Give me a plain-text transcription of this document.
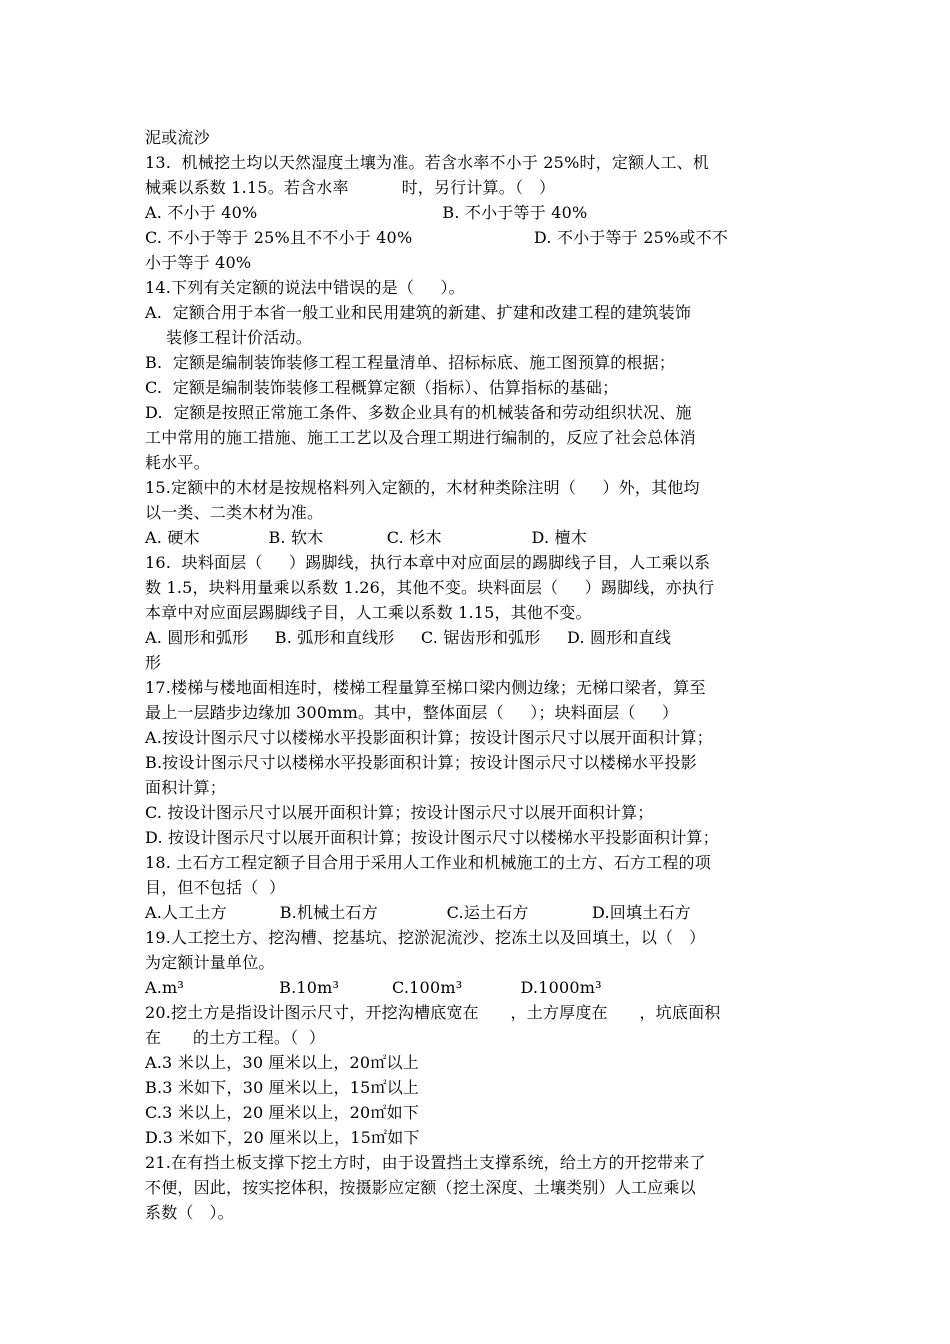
泥或流沙
13.  机械挖土均以天然湿度土壤为准。若含水率不小于 25%时，定额人工、机
械乘以系数 1.15。若含水率          时，另行计算。（   ）
A. 不小于 40%                                   B. 不小于等于 40%
C. 不小于等于 25%且不不小于 40%                       D. 不小于等于 25%或不不
小于等于 40%
14.下列有关定额的说法中错误的是（     ）。
A.  定额合用于本省一般工业和民用建筑的新建、扩建和改建工程的建筑装饰
装修工程计价活动。
B.  定额是编制装饰装修工程工程量清单、招标标底、施工图预算的根据；
C.  定额是编制装饰装修工程概算定额（指标）、估算指标的基础；
D.  定额是按照正常施工条件、多数企业具有的机械装备和劳动组织状况、施
工中常用的施工措施、施工工艺以及合理工期进行编制的，反应了社会总体消
耗水平。
15.定额中的木材是按规格料列入定额的，木材种类除注明（     ）外，其他均
以一类、二类木材为准。
A. 硬木             B. 软木            C. 杉木                 D. 檀木
16.  块料面层（     ）踢脚线，执行本章中对应面层的踢脚线子目，人工乘以系
数 1.5，块料用量乘以系数 1.26，其他不变。块料面层（     ）踢脚线，亦执行
本章中对应面层踢脚线子目，人工乘以系数 1.15，其他不变。
A. 圆形和弧形     B. 弧形和直线形     C. 锯齿形和弧形     D. 圆形和直线
形
17.楼梯与楼地面相连时，楼梯工程量算至梯口梁内侧边缘；无梯口梁者，算至
最上一层踏步边缘加 300mm。其中，整体面层（     ）；块料面层（     ）
A.按设计图示尺寸以楼梯水平投影面积计算；按设计图示尺寸以展开面积计算；
B.按设计图示尺寸以楼梯水平投影面积计算；按设计图示尺寸以楼梯水平投影
面积计算；
C. 按设计图示尺寸以展开面积计算；按设计图示尺寸以展开面积计算；
D. 按设计图示尺寸以展开面积计算；按设计图示尺寸以楼梯水平投影面积计算；
18. 土石方工程定额子目合用于采用人工作业和机械施工的土方、石方工程的项
目，但不包括（  ）
A.人工土方          B.机械土石方             C.运土石方            D.回填土石方
19.人工挖土方、挖沟槽、挖基坑、挖淤泥流沙、挖冻土以及回填土，以（   ）
为定额计量单位。
A.m³                  B.10m³          C.100m³           D.1000m³
20.挖土方是指设计图示尺寸，开挖沟槽底宽在      ，土方厚度在      ，坑底面积
在      的土方工程。（  ）
A.3 米以上，30 厘米以上，20㎡以上
B.3 米如下，30 厘米以上，15㎡以上
C.3 米以上，20 厘米以上，20㎡如下
D.3 米如下，20 厘米以上，15㎡如下
21.在有挡土板支撑下挖土方时，由于设置挡土支撑系统，给土方的开挖带来了
不便，因此，按实挖体积，按摄影应定额（挖土深度、土壤类别）人工应乘以
系数（   ）。
